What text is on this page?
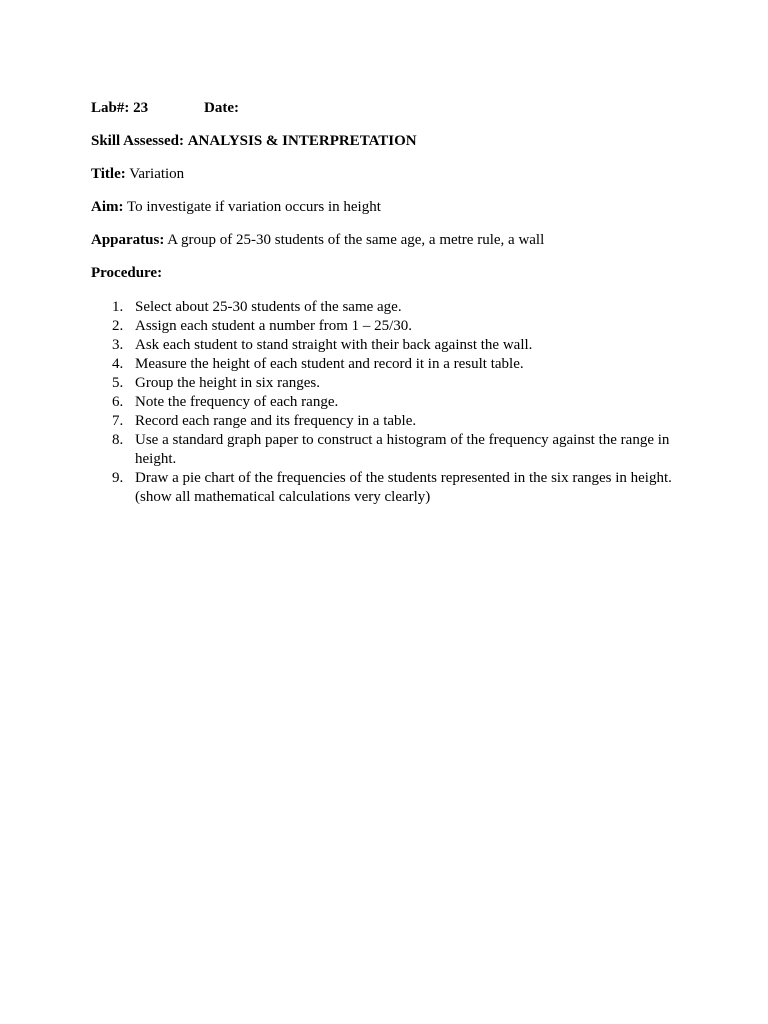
Lab#: 23	Date:

Skill Assessed: ANALYSIS & INTERPRETATION

Title: Variation

Aim: To investigate if variation occurs in height

Apparatus: A group of 25-30 students of the same age, a metre rule, a wall

Procedure:

1. Select about 25-30 students of the same age.
2. Assign each student a number from 1 – 25/30.
3. Ask each student to stand straight with their back against the wall.
4. Measure the height of each student and record it in a result table.
5. Group the height in six ranges.
6. Note the frequency of each range.
7. Record each range and its frequency in a table.
8. Use a standard graph paper to construct a histogram of the frequency against the range in height.
9. Draw a pie chart of the frequencies of the students represented in the six ranges in height. (show all mathematical calculations very clearly)
